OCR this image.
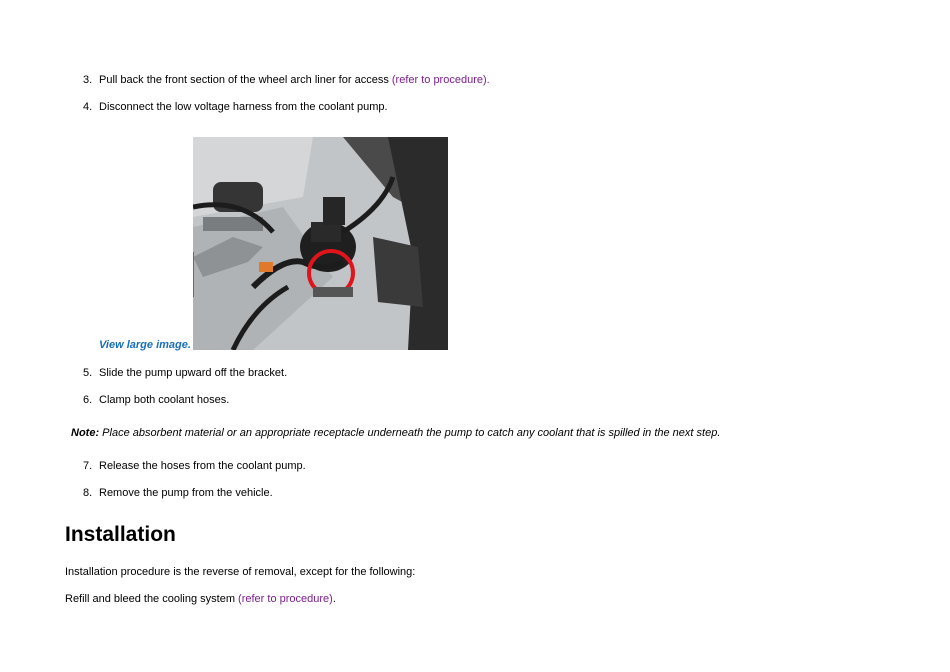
3. Pull back the front section of the wheel arch liner for access (refer to procedure).
4. Disconnect the low voltage harness from the coolant pump.
View large image.
5. Slide the pump upward off the bracket.
6. Clamp both coolant hoses.
Note: Place absorbent material or an appropriate receptacle underneath the pump to catch any coolant that is spilled in the next step.
7. Release the hoses from the coolant pump.
8. Remove the pump from the vehicle.
Installation
Installation procedure is the reverse of removal, except for the following:
Refill and bleed the cooling system (refer to procedure).
